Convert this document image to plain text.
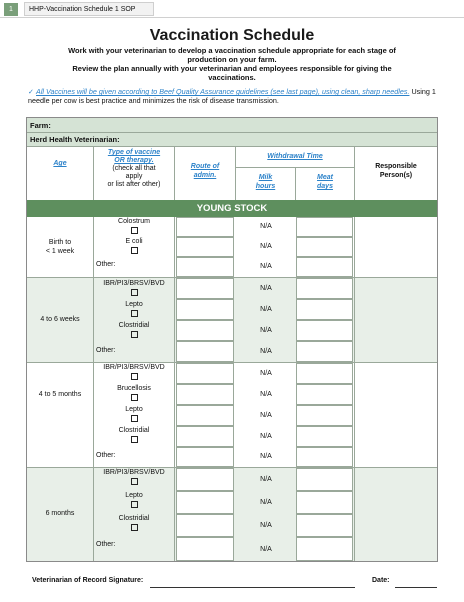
1	HHP-Vaccination Schedule 1 SOP
Vaccination Schedule
Work with your veterinarian to develop a vaccination schedule appropriate for each stage of
production on your farm.
Review the plan annually with your veterinarian and employees responsible for giving the
vaccinations.
✓ All Vaccines will be given according to Beef Quality Assurance guidelines (see last page), using clean, sharp needles. Using 1 needle per cow is best practice and minimizes the risk of disease transmission.
Farm:
Herd Health Veterinarian:
Age
Type of vaccine
OR therapy.
(check all that
apply
or list after other)
Route of
admin.
Withdrawal Time
Milk
hours
Meat
days
Responsible
Person(s)
YOUNG STOCK
Birth to
< 1 week
Colostrum
E coli
Other:
N/A
N/A
N/A
4 to 6 weeks
IBR/PI3/BRSV/BVD
Lepto
Clostridial
Other:
N/A
N/A
N/A
N/A
4 to 5 months
IBR/PI3/BRSV/BVD
Brucellosis
Lepto
Clostridial
Other:
N/A
N/A
N/A
N/A
N/A
6 months
IBR/PI3/BRSV/BVD
Lepto
Clostridial
Other:
N/A
N/A
N/A
N/A
Veterinarian of Record Signature:	Date:
